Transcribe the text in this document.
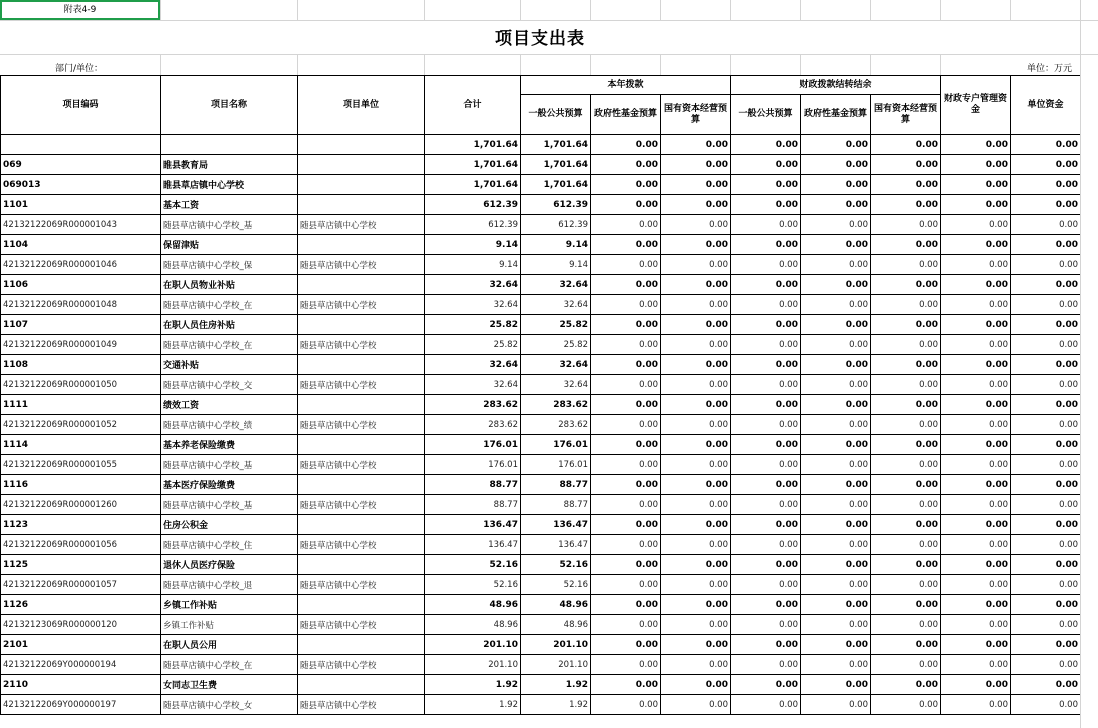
附表4-9
项目支出表
部门/单位：	单位：万元
项目编码	项目名称	项目单位	合计	本年拨款			财政拨款结转结余			财政专户管理资金	单位资金
				一般公共预算	政府性基金预算	国有资本经营预算	一般公共预算	政府性基金预算	国有资本经营预算		
			1,701.64	1,701.64	0.00	0.00	0.00	0.00	0.00	0.00	0.00
069	睢县教育局		1,701.64	1,701.64	0.00	0.00	0.00	0.00	0.00	0.00	0.00
069013	睢县草店镇中心学校		1,701.64	1,701.64	0.00	0.00	0.00	0.00	0.00	0.00	0.00
1101	基本工资		612.39	612.39	0.00	0.00	0.00	0.00	0.00	0.00	0.00
42132122069R000001043	随县草店镇中心学校_基	随县草店镇中心学校	612.39	612.39	0.00	0.00	0.00	0.00	0.00	0.00	0.00
1104	保留津贴		9.14	9.14	0.00	0.00	0.00	0.00	0.00	0.00	0.00
42132122069R000001046	随县草店镇中心学校_保	随县草店镇中心学校	9.14	9.14	0.00	0.00	0.00	0.00	0.00	0.00	0.00
1106	在职人员物业补贴		32.64	32.64	0.00	0.00	0.00	0.00	0.00	0.00	0.00
42132122069R000001048	随县草店镇中心学校_在	随县草店镇中心学校	32.64	32.64	0.00	0.00	0.00	0.00	0.00	0.00	0.00
1107	在职人员住房补贴		25.82	25.82	0.00	0.00	0.00	0.00	0.00	0.00	0.00
42132122069R000001049	随县草店镇中心学校_在	随县草店镇中心学校	25.82	25.82	0.00	0.00	0.00	0.00	0.00	0.00	0.00
1108	交通补贴		32.64	32.64	0.00	0.00	0.00	0.00	0.00	0.00	0.00
42132122069R000001050	随县草店镇中心学校_交	随县草店镇中心学校	32.64	32.64	0.00	0.00	0.00	0.00	0.00	0.00	0.00
1111	绩效工资		283.62	283.62	0.00	0.00	0.00	0.00	0.00	0.00	0.00
42132122069R000001052	随县草店镇中心学校_绩	随县草店镇中心学校	283.62	283.62	0.00	0.00	0.00	0.00	0.00	0.00	0.00
1114	基本养老保险缴费		176.01	176.01	0.00	0.00	0.00	0.00	0.00	0.00	0.00
42132122069R000001055	随县草店镇中心学校_基	随县草店镇中心学校	176.01	176.01	0.00	0.00	0.00	0.00	0.00	0.00	0.00
1116	基本医疗保险缴费		88.77	88.77	0.00	0.00	0.00	0.00	0.00	0.00	0.00
42132122069R000001260	随县草店镇中心学校_基	随县草店镇中心学校	88.77	88.77	0.00	0.00	0.00	0.00	0.00	0.00	0.00
1123	住房公积金		136.47	136.47	0.00	0.00	0.00	0.00	0.00	0.00	0.00
42132122069R000001056	随县草店镇中心学校_住	随县草店镇中心学校	136.47	136.47	0.00	0.00	0.00	0.00	0.00	0.00	0.00
1125	退休人员医疗保险		52.16	52.16	0.00	0.00	0.00	0.00	0.00	0.00	0.00
42132122069R000001057	随县草店镇中心学校_退	随县草店镇中心学校	52.16	52.16	0.00	0.00	0.00	0.00	0.00	0.00	0.00
1126	乡镇工作补贴		48.96	48.96	0.00	0.00	0.00	0.00	0.00	0.00	0.00
42132123069R000000120	乡镇工作补贴	随县草店镇中心学校	48.96	48.96	0.00	0.00	0.00	0.00	0.00	0.00	0.00
2101	在职人员公用		201.10	201.10	0.00	0.00	0.00	0.00	0.00	0.00	0.00
42132122069Y000000194	随县草店镇中心学校_在	随县草店镇中心学校	201.10	201.10	0.00	0.00	0.00	0.00	0.00	0.00	0.00
2110	女同志卫生费		1.92	1.92	0.00	0.00	0.00	0.00	0.00	0.00	0.00
42132122069Y000000197	随县草店镇中心学校_女	随县草店镇中心学校	1.92	1.92	0.00	0.00	0.00	0.00	0.00	0.00	0.00
